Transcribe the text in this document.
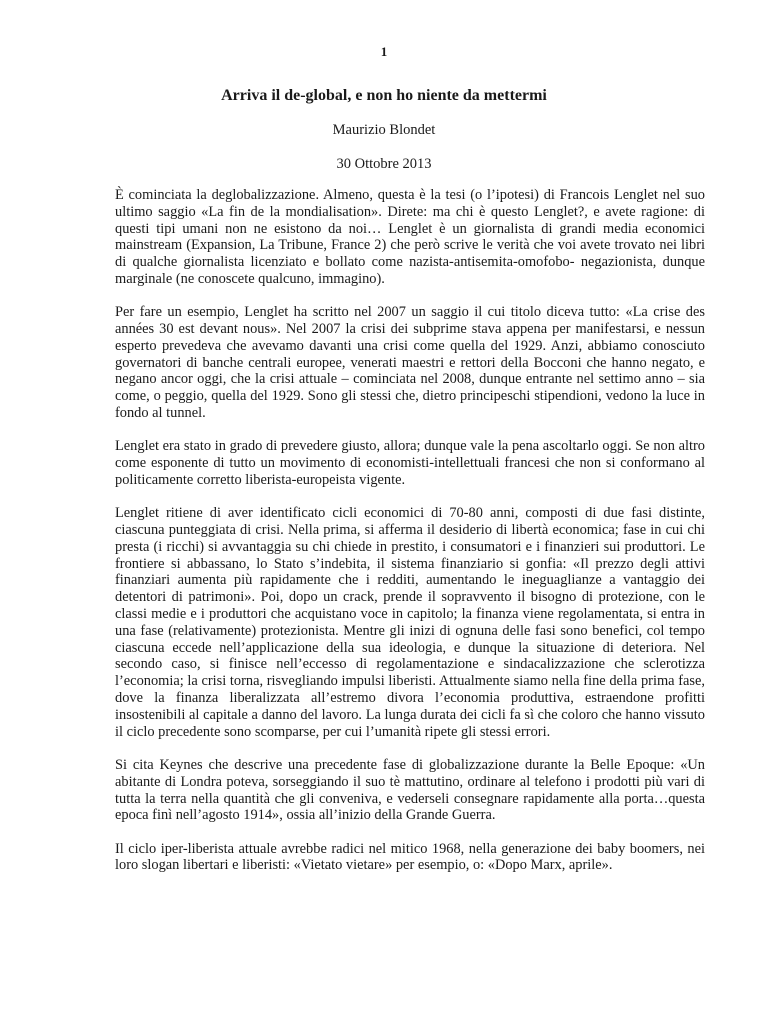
1
Arriva il de-global, e non ho niente da mettermi
Maurizio Blondet
30 Ottobre 2013

È cominciata la deglobalizzazione. Almeno, questa è la tesi (o l’ipotesi) di Francois Lenglet nel suo ultimo saggio «La fin de la mondialisation». Direte: ma chi è questo Lenglet?, e avete ragione: di questi tipi umani non ne esistono da noi… Lenglet è un giornalista di grandi media economici mainstream (Expansion, La Tribune, France 2) che però scrive le verità che voi avete trovato nei libri di qualche giornalista licenziato e bollato come nazista-antisemita-omofobo- negazionista, dunque marginale (ne conoscete qualcuno, immagino).

Per fare un esempio, Lenglet ha scritto nel 2007 un saggio il cui titolo diceva tutto: «La crise des années 30 est devant nous». Nel 2007 la crisi dei subprime stava appena per manifestarsi, e nessun esperto prevedeva che avevamo davanti una crisi come quella del 1929. Anzi, abbiamo conosciuto governatori di banche centrali europee, venerati maestri e rettori della Bocconi che hanno negato, e negano ancor oggi, che la crisi attuale – cominciata nel 2008, dunque entrante nel settimo anno – sia come, o peggio, quella del 1929. Sono gli stessi che, dietro principeschi stipendioni, vedono la luce in fondo al tunnel.

Lenglet era stato in grado di prevedere giusto, allora; dunque vale la pena ascoltarlo oggi. Se non altro come esponente di tutto un movimento di economisti-intellettuali francesi che non si conformano al politicamente corretto liberista-europeista vigente.

Lenglet ritiene di aver identificato cicli economici di 70-80 anni, composti di due fasi distinte, ciascuna punteggiata di crisi. Nella prima, si afferma il desiderio di libertà economica; fase in cui chi presta (i ricchi) si avvantaggia su chi chiede in prestito, i consumatori e i finanzieri sui produttori. Le frontiere si abbassano, lo Stato s’indebita, il sistema finanziario si gonfia: «Il prezzo degli attivi finanziari aumenta più rapidamente che i redditi, aumentando le ineguaglianze a vantaggio dei detentori di patrimoni». Poi, dopo un crack, prende il sopravvento il bisogno di protezione, con le classi medie e i produttori che acquistano voce in capitolo; la finanza viene regolamentata, si entra in una fase (relativamente) protezionista. Mentre gli inizi di ognuna delle fasi sono benefici, col tempo ciascuna eccede nell’applicazione della sua ideologia, e dunque la situazione di deteriora. Nel secondo caso, si finisce nell’eccesso di regolamentazione e sindacalizzazione che sclerotizza l’economia; la crisi torna, risvegliando impulsi liberisti. Attualmente siamo nella fine della prima fase, dove la finanza liberalizzata all’estremo divora l’economia produttiva, estraendone profitti insostenibili al capitale a danno del lavoro. La lunga durata dei cicli fa sì che coloro che hanno vissuto il ciclo precedente sono scomparse, per cui l’umanità ripete gli stessi errori.

Si cita Keynes che descrive una precedente fase di globalizzazione durante la Belle Epoque: «Un abitante di Londra poteva, sorseggiando il suo tè mattutino, ordinare al telefono i prodotti più vari di tutta la terra nella quantità che gli conveniva, e vederseli consegnare rapidamente alla porta…questa epoca finì nell’agosto 1914», ossia all’inizio della Grande Guerra.

Il ciclo iper-liberista attuale avrebbe radici nel mitico 1968, nella generazione dei baby boomers, nei loro slogan libertari e liberisti: «Vietato vietare» per esempio, o: «Dopo Marx, aprile».
